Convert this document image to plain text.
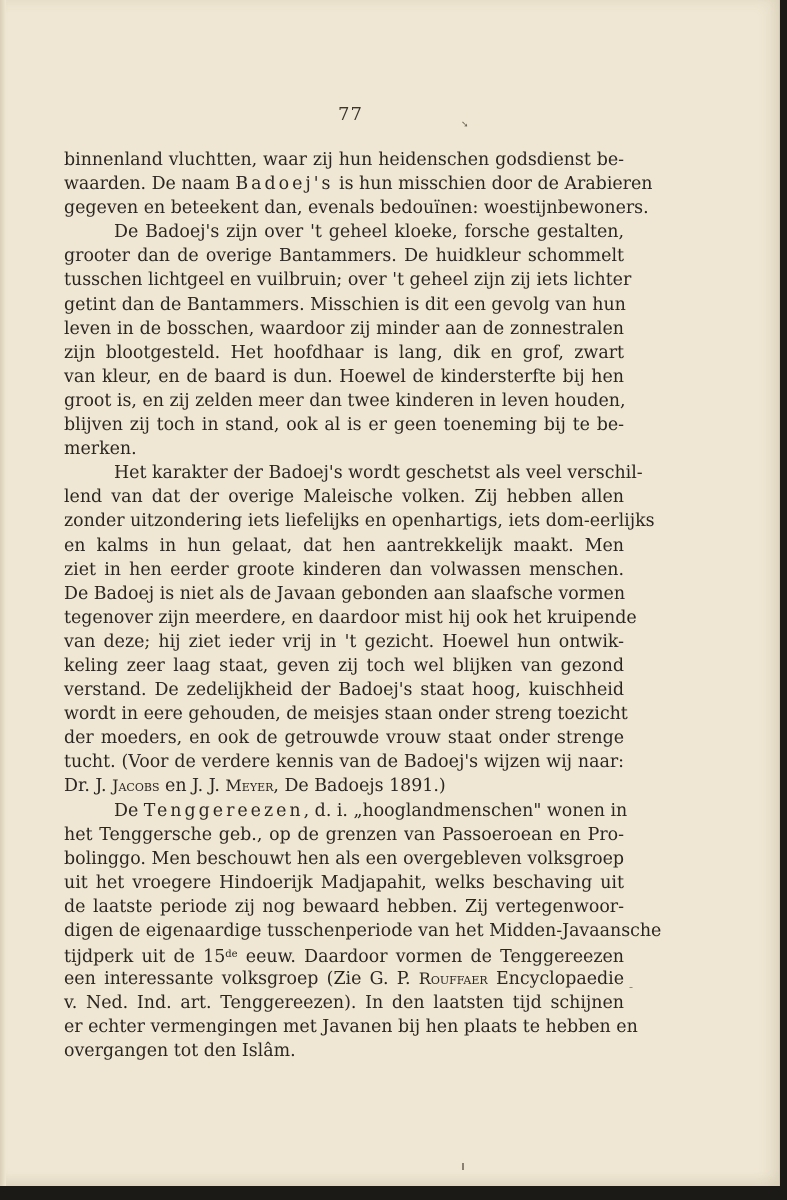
77	➘
binnenland vluchtten, waar zij hun heidenschen godsdienst be-
waarden. De naam Badoej's is hun misschien door de Arabieren
gegeven en beteekent dan, evenals bedouïnen: woestijnbewoners.
De Badoej's zijn over 't geheel kloeke, forsche gestalten,
grooter dan de overige Bantammers. De huidkleur schommelt
tusschen lichtgeel en vuilbruin; over 't geheel zijn zij iets lichter
getint dan de Bantammers. Misschien is dit een gevolg van hun
leven in de bosschen, waardoor zij minder aan de zonnestralen
zijn blootgesteld. Het hoofdhaar is lang, dik en grof, zwart
van kleur, en de baard is dun. Hoewel de kindersterfte bij hen
groot is, en zij zelden meer dan twee kinderen in leven houden,
blijven zij toch in stand, ook al is er geen toeneming bij te be-
merken.
Het karakter der Badoej's wordt geschetst als veel verschil-
lend van dat der overige Maleische volken. Zij hebben allen
zonder uitzondering iets liefelijks en openhartigs, iets dom-eerlijks
en kalms in hun gelaat, dat hen aantrekkelijk maakt. Men
ziet in hen eerder groote kinderen dan volwassen menschen.
De Badoej is niet als de Javaan gebonden aan slaafsche vormen
tegenover zijn meerdere, en daardoor mist hij ook het kruipende
van deze; hij ziet ieder vrij in 't gezicht. Hoewel hun ontwik-
keling zeer laag staat, geven zij toch wel blijken van gezond
verstand. De zedelijkheid der Badoej's staat hoog, kuischheid
wordt in eere gehouden, de meisjes staan onder streng toezicht
der moeders, en ook de getrouwde vrouw staat onder strenge
tucht. (Voor de verdere kennis van de Badoej's wijzen wij naar:
Dr. J. Jacobs en J. J. Meyer, De Badoejs 1891.)
De Tenggereezen, d. i. „hooglandmenschen" wonen in
het Tenggersche geb., op de grenzen van Passoeroean en Pro-
bolinggo. Men beschouwt hen als een overgebleven volksgroep
uit het vroegere Hindoerijk Madjapahit, welks beschaving uit
de laatste periode zij nog bewaard hebben. Zij vertegenwoor-
digen de eigenaardige tusschenperiode van het Midden-Javaansche
tijdperk uit de 15de eeuw. Daardoor vormen de Tenggereezen
een interessante volksgroep (Zie G. P. Rouffaer Encyclopaedie
v. Ned. Ind. art. Tenggereezen). In den laatsten tijd schijnen
er echter vermengingen met Javanen bij hen plaats te hebben en
overgangen tot den Islâm.
-
